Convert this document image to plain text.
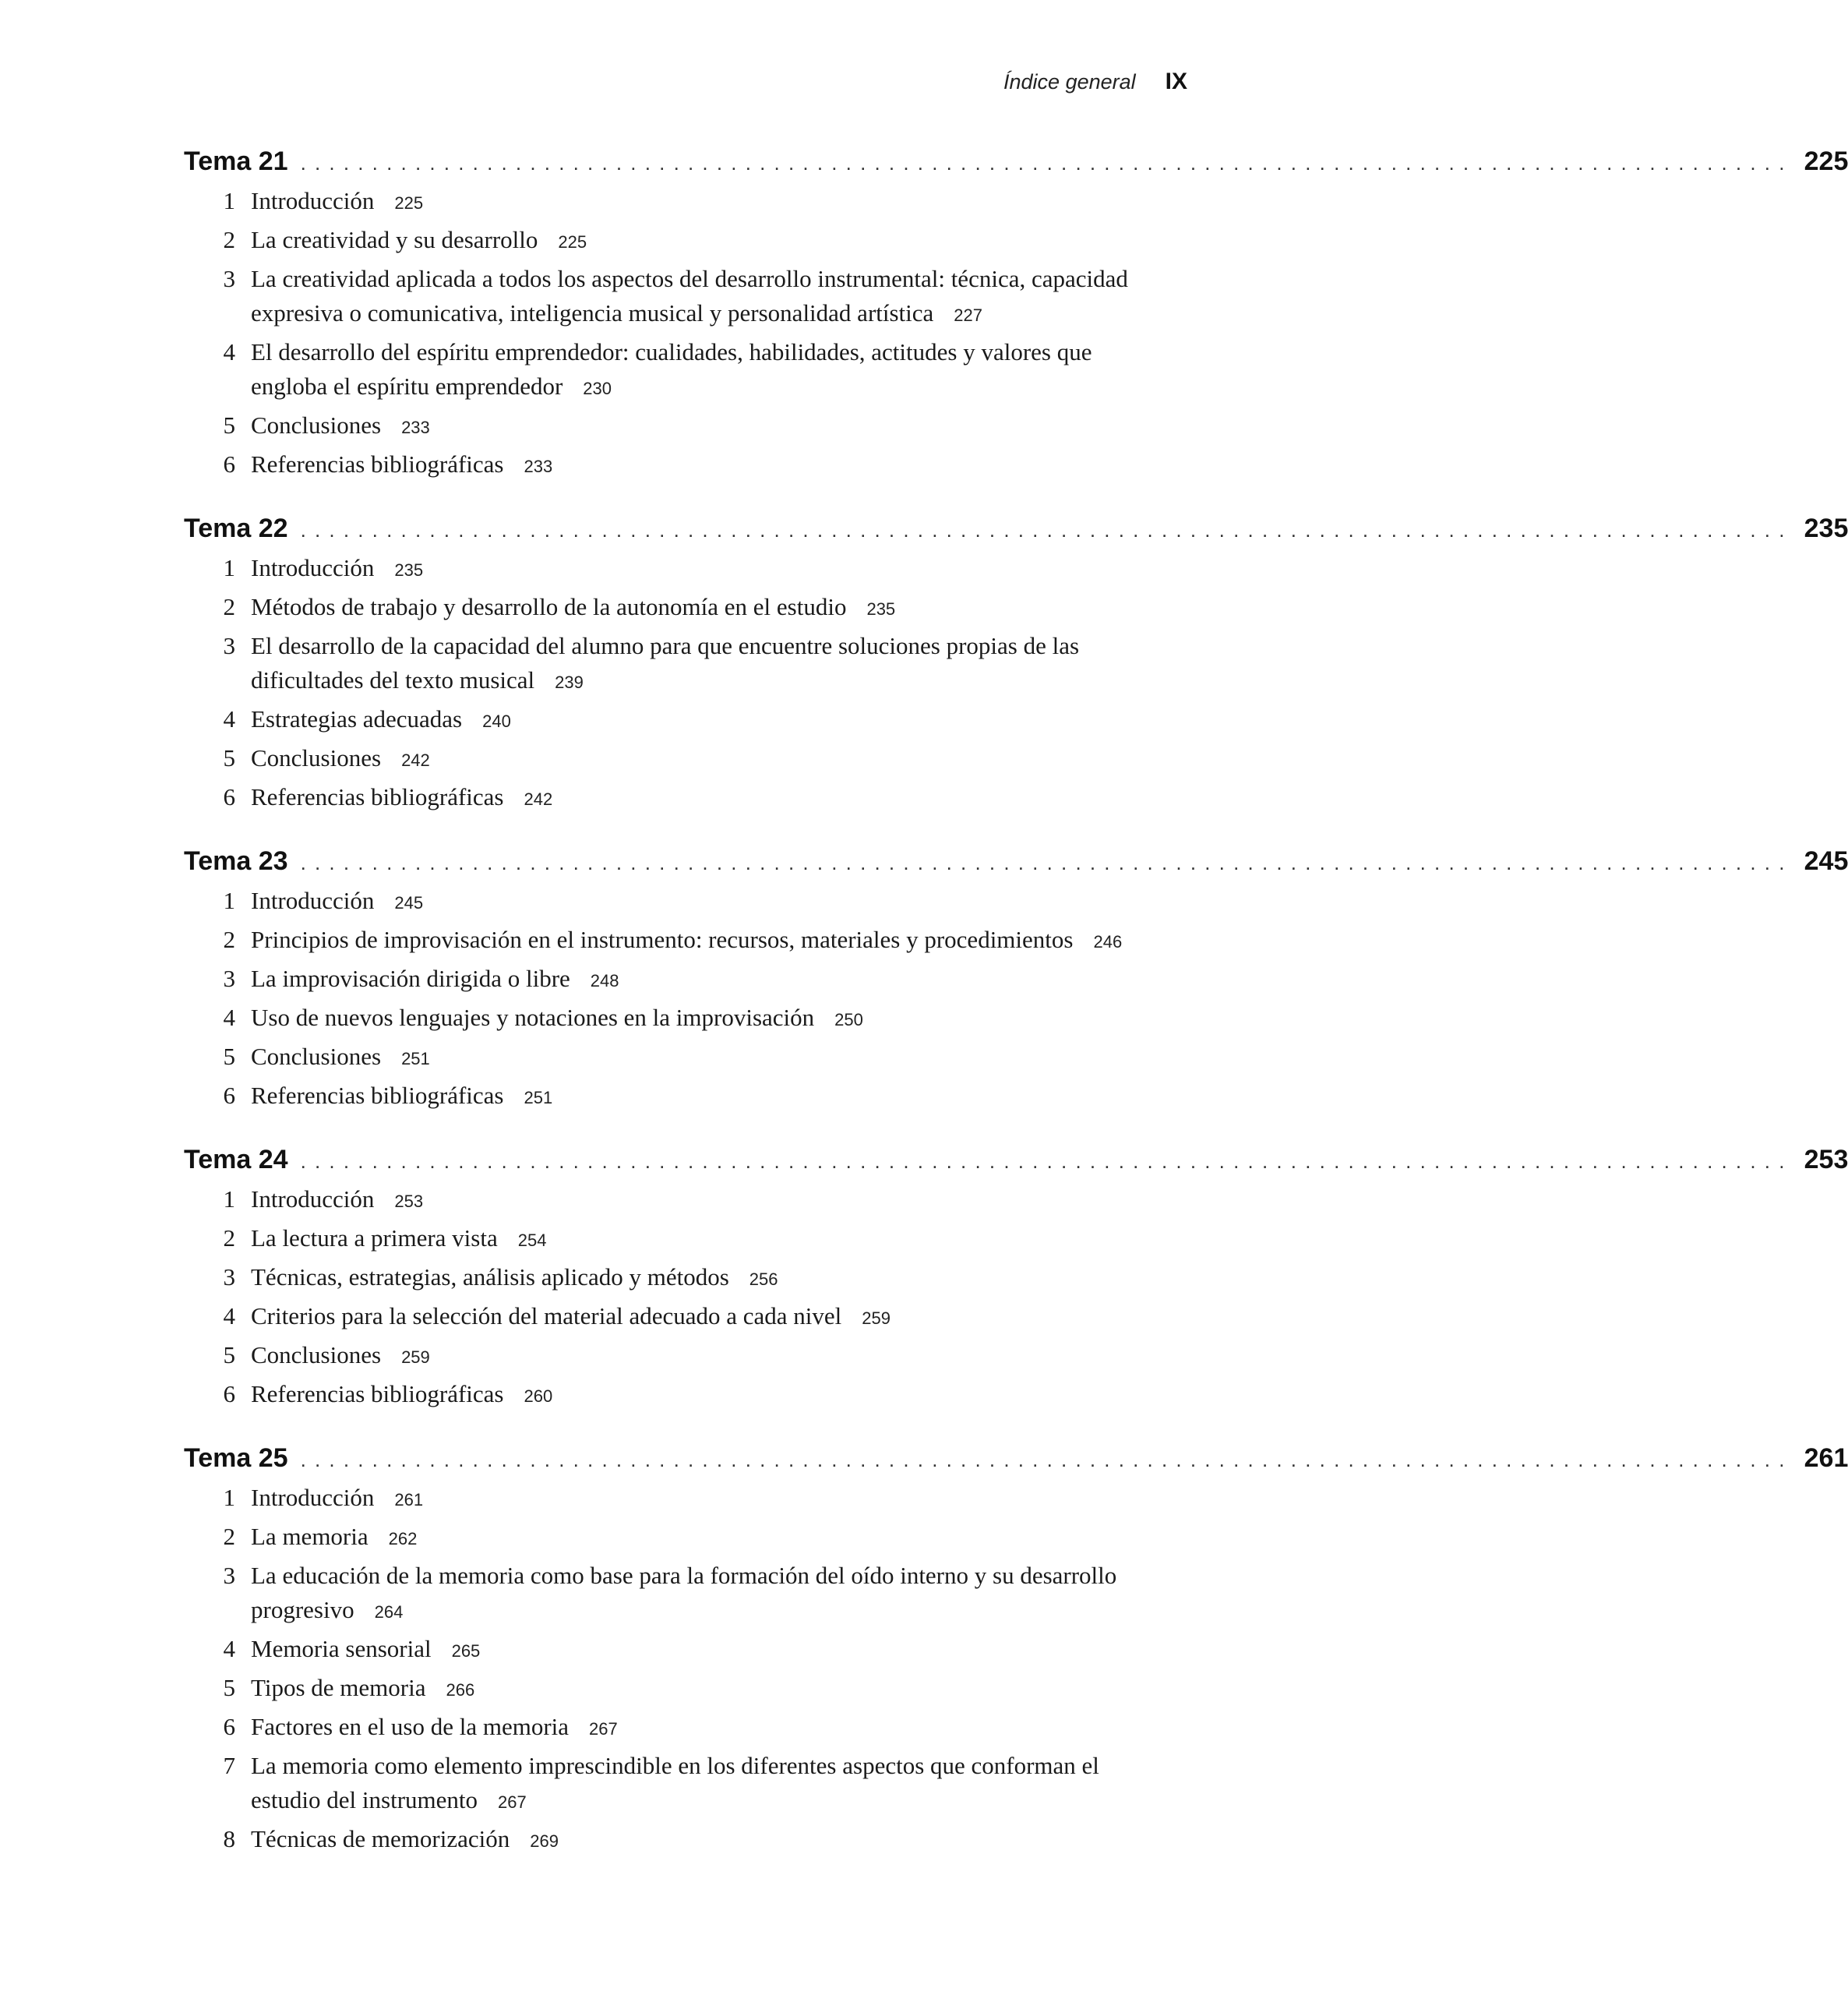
Índice general IX
Tema 21 ........................................................................................................ 225
1 Introducción 225
2 La creatividad y su desarrollo 225
3 La creatividad aplicada a todos los aspectos del desarrollo instrumental: técnica, capacidad expresiva o comunicativa, inteligencia musical y personalidad artística 227
4 El desarrollo del espíritu emprendedor: cualidades, habilidades, actitudes y valores que engloba el espíritu emprendedor 230
5 Conclusiones 233
6 Referencias bibliográficas 233
Tema 22 ........................................................................................................ 235
1 Introducción 235
2 Métodos de trabajo y desarrollo de la autonomía en el estudio 235
3 El desarrollo de la capacidad del alumno para que encuentre soluciones propias de las dificultades del texto musical 239
4 Estrategias adecuadas 240
5 Conclusiones 242
6 Referencias bibliográficas 242
Tema 23 ........................................................................................................ 245
1 Introducción 245
2 Principios de improvisación en el instrumento: recursos, materiales y procedimientos 246
3 La improvisación dirigida o libre 248
4 Uso de nuevos lenguajes y notaciones en la improvisación 250
5 Conclusiones 251
6 Referencias bibliográficas 251
Tema 24 ........................................................................................................ 253
1 Introducción 253
2 La lectura a primera vista 254
3 Técnicas, estrategias, análisis aplicado y métodos 256
4 Criterios para la selección del material adecuado a cada nivel 259
5 Conclusiones 259
6 Referencias bibliográficas 260
Tema 25 ........................................................................................................ 261
1 Introducción 261
2 La memoria 262
3 La educación de la memoria como base para la formación del oído interno y su desarrollo progresivo 264
4 Memoria sensorial 265
5 Tipos de memoria 266
6 Factores en el uso de la memoria 267
7 La memoria como elemento imprescindible en los diferentes aspectos que conforman el estudio del instrumento 267
8 Técnicas de memorización 269
